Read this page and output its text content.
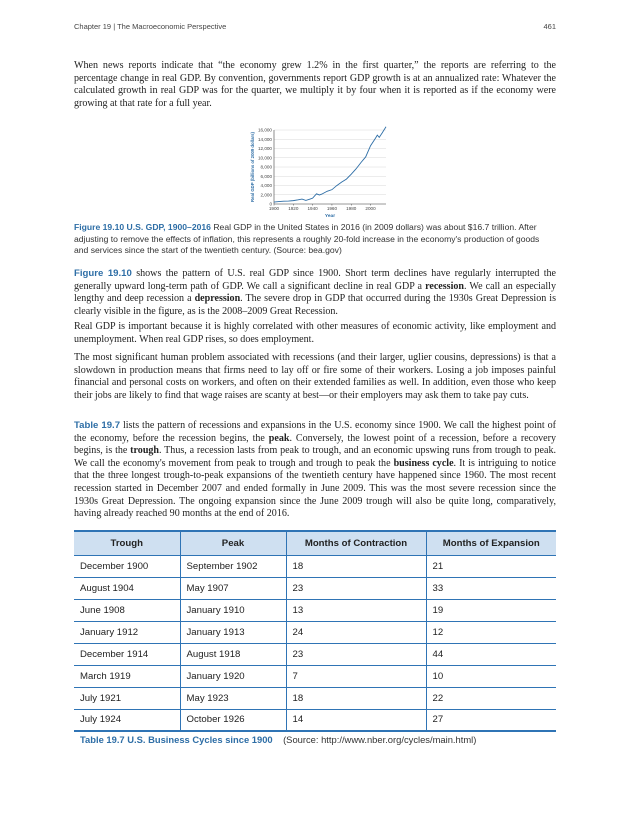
Chapter 19 | The Macroeconomic Perspective	461

When news reports indicate that “the economy grew 1.2% in the first quarter,” the reports are referring to the percentage change in real GDP. By convention, governments report GDP growth is at an annualized rate: Whatever the calculated growth in real GDP was for the quarter, we multiply it by four when it is reported as if the economy were growing at that rate for a full year.

0
2,000
4,000
6,000
8,000
10,000
12,000
14,000
16,000
1900 1920 1940 1960 1980 2000
Year
Real GDP (billions of 2009 dollars)
Figure 19.10 U.S. GDP, 1900–2016 Real GDP in the United States in 2016 (in 2009 dollars) was about $16.7 trillion. After adjusting to remove the effects of inflation, this represents a roughly 20-fold increase in the economy's production of goods and services since the start of the twentieth century. (Source: bea.gov)

Figure 19.10 shows the pattern of U.S. real GDP since 1900. Short term declines have regularly interrupted the generally upward long-term path of GDP. We call a significant decline in real GDP a recession. We call an especially lengthy and deep recession a depression. The severe drop in GDP that occurred during the 1930s Great Depression is clearly visible in the figure, as is the 2008–2009 Great Recession.

Real GDP is important because it is highly correlated with other measures of economic activity, like employment and unemployment. When real GDP rises, so does employment.

The most significant human problem associated with recessions (and their larger, uglier cousins, depressions) is that a slowdown in production means that firms need to lay off or fire some of their workers. Losing a job imposes painful financial and personal costs on workers, and often on their extended families as well. In addition, even those who keep their jobs are likely to find that wage raises are scanty at best—or their employers may ask them to take pay cuts.

Table 19.7 lists the pattern of recessions and expansions in the U.S. economy since 1900. We call the highest point of the economy, before the recession begins, the peak. Conversely, the lowest point of a recession, before a recovery begins, is the trough. Thus, a recession lasts from peak to trough, and an economic upswing runs from trough to peak. We call the economy's movement from peak to trough and trough to peak the business cycle. It is intriguing to notice that the three longest trough-to-peak expansions of the twentieth century have happened since 1960. The most recent recession started in December 2007 and ended formally in June 2009. This was the most severe recession since the 1930s Great Depression. The ongoing expansion since the June 2009 trough will also be quite long, comparatively, having already reached 90 months at the end of 2016.

Trough	Peak	Months of Contraction	Months of Expansion
December 1900	September 1902	18	21
August 1904	May 1907	23	33
June 1908	January 1910	13	19
January 1912	January 1913	24	12
December 1914	August 1918	23	44
March 1919	January 1920	7	10
July 1921	May 1923	18	22
July 1924	October 1926	14	27
Table 19.7 U.S. Business Cycles since 1900 (Source: http://www.nber.org/cycles/main.html)
